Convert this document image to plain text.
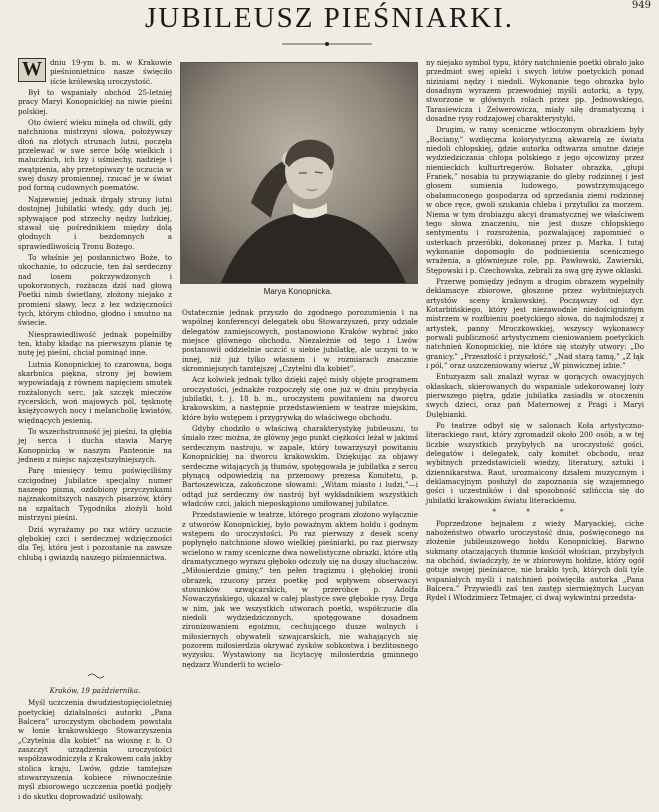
949
JUBILEUSZ PIEŚNIARKI.

W	dniu 19-ym b. m. w Krakowie pieśnionietnico nasze święciło iście królewską uroczystość.

Był to wspaniały obchód 25-letniej pracy Maryi Konopnickiej na niwie pieśni polskiej.

Oto ćwierć wieku minęła od chwili, gdy natchniona mistrzyni słowa, położywszy dłoń na złotych strunach lutni, poczęła przelewać w swe serce bólę wielkich i maluczkich, ich łzy i uśmiechy, nadzieje i zwątpienia, aby przetopiwszy te uczucia w swej duszy promiennej, rzucać je w świat pod formą cudownych poematów.

Najzewniej jednak drgały struny lutni dostojnej Jubilatki wtedy, gdy duch jej, spływające pod strzechy nędzy ludzkiej, stawał się pośrednikiem między dolą głodnych i bezdomnych a sprawiedliwością Tronu Bożego.

To właśnie jej posłannictwo Boże, to ukochanie, to odczucie, ten żal serdeczny nad losem pokrzywdzonych i upokorzonych, rozżacza dziś nad głową Poetki nimb świetlany, złożony niejako z promieni sławy, lecz z łez wdzięczności tych, którym chłodno, głodno i smutno na świecie.

Niesprawiedliwość jednak popełniłby ten, ktoby kładąc na pierwszym planie tę nutę jej pieśni, chciał pominąć inne.

Lutnia Konopnickiej to czarowna, boga skarbnica piękna, strony jej bowiem wypowiadają z równem napięciem smutek rozżalonych serc, jak szczęk mieczów rycerskich, woń majowych pól, tęsknotę księżycowych nocy i melancholię kwiatów, więdnących jesienią.

To wszechstronność jej pieśni, ta głębia jej serca i ducha stawia Maryę Konopnicką w naszym Panteonie na jednem z miejsc najczęstszyłniejszych.

Parę miesięcy temu poświęciliśmy czcigodnej Jubilatce specjalny numer naszego pisma, ozdobiony przyczynkami najznakomitszych naszych pisarzów, który na szpaltach Tygodnika złożyli hold mistrzyni pieśni.

Dziś wyrażamy po raz wtóry uczucie głębokiej czci i serdecznej wdzięczności dla Tej, która jest i pozostanie na zawsze chlubą i gwiazdą naszego piśmiennictwa.

Kraków, 19 października.

Myśl uczczenia dwudziestopięcioletniej poetyckiej działalności autorki „Pana Balcera” uroczystym obchodem powstała w łonie krakowskiego Stowarzyszenia „Czytelnia dla kobiet” na wiosnę r. b. O zaszczyt urządzenia uroczystości współzawodniczyła z Krakowem cała jakby stolica kraju, Lwów, gdzie tamtejsze stowarzyszenia kobiece równocześnie myśl zbiorowego uczczenia poetki podjęły i do skutku doprowadzić usiłowały.

Marya Konopnicka.

Ostatecznie jednak przyszło do zgodnego porozumienia i na wspólnej konferencyi delegatek obu Stowarzyszeń, przy udziale delegatów zamiejscowych, postanowiono Kraków wybrać jako miejsce głównego obchodu. Niezależnie od tego i Lwów postanowił oddzielnie uczcić u siebie jubilatkę, ale uczyni to w innej, niż już tylko własnem i w rozmiarach znacznie skromniejszych tamtejszej „Czytelni dla kobiet”.

Acz kolwiek jednak tylko dzięki zajęć misły objęte programem uroczystości, jednakże rozpoczęły się one już w dniu przybycia jubilatki, t. j. 18 b. m., uroczystem powitaniem na dworcu krakowskim, a następnie przedstawieniem w teatrze miejskim, które było wstępem i przygrywką do właściwego obchodu.

Gdyby chodziło o właściwą charakterystykę jubileuszu, to śmiało rzec można, że główny jego punkt ciężkości leżał w jakimś serdecznym nastroju, w zapale, który towarzyszył powitaniu Konopnickiej na dworcu krakowskim. Dziękując za objawy serdeczne witających ją tłumów, spotęgowała je jubilatka z sercu płynącą odpowiedzią na przemowy prezesa Komitetu, p. Bartoszewicza, zakończone słowami: „Witam miasto i ludzi,”—i odtąd już serdeczny ów nastrój był wykładnikiem wszystkich władców czci, jakich nieposkąpiono umiłowanej jubilatce.

Przedstawienie w teatrze, którego program złożono wyłącznie z utworów Konopnickiej, było powaźnym aktem hołdu i godnym wstępem do uroczystości. Po raz pierwszy z desek sceny popłynęło natchnione słowo wielkiej pieśniarki, po raz pierwszy wcielono w ramy sceniczne dwa nowelistyczne obrazki, które stłą dramatycznego wyrazu głęboko odczuły się na duszy słuchaczów. „Miłosierdzie gminy,” ten pełen tragizmu i głębokiej ironii obrazek, rzucony przez poetkę pod wpływem obserwacyi stosunków szwajcarskich, w przeróbce p. Adolfa Nowaczyńskiego, ukazał w całej plastyce swe głębokie rysy. Drga w nim, jak we wszystkich utworach poetki, współczucie dla niedoli wydziedziczonych, spotęgowane dosadnem zironizowaniem egoizmu, cechującego dusze wolnych i miłosiernych obywateli szwajcarskich, nie wahających się pozorem miłosierdzia okrywać zysków sobkostwa i bezlitosnego wyzysku. Wystawiony na licytacyę miłosierdzia gminnego nędzarz Wunderli to wcielo-

ny niejako symbol typu, który natchnienie poetki obrało jako przedmiot swej opieki i swych lotów poetyckich ponad niziniami nędzy i niedoli. Wykonanie tego obrazka było dosadnym wyrazem przewodniej myśli autorki, a typy, stworzone w głównych rolach przez pp. Jednowskiego, Tarasiewicza i Zelwerowicza, miały siłę dramatyczną i dosadne rysy rodzajowej charakterystyki.

Drugim, w ramy sceniczne wtłoczonym obrazkiem były „Bociany,” wzdięczna kolorystyczną akwarelą ze świata niedoli chłopskiej, gdzie autorka odtwarza smutne dzieje wydziedziczania chłopa polskiego z jego ojcowizny przez niemieckich kulturtregerów. Bohater obrazka, „głupi Franek,” nosabia tu przywiązanie do gleby rodzinnej i jest głosem sumienia ludowego, powstrzymującego obałamuconego gospodarza od sprzedania ziemi rodzinnej w obce ręce, gwoli szukania chleba i przytułku za morzem. Niema w tym drobiazgu akcyi dramatycznej we właściwem tego słowa znaczeniu, nie jest dusze chłopskiego sentymentu i rozsrożenia, pozwalającej zapomnieć o usterkach przeróbki, dokonanej przez p. Marka. I tutaj wykonanie dopomogło do podniesienia scenicznego wrażenia, a główniejsze role, pp. Pawłowski, Zawierski, Stępowski i p. Czechowska, zebrali za swą grę żywe oklaski.

Przerwę pomiędzy jednym a drugim obrazem wypełniły deklamacye zbiorowe, głoszone przez wybitniejszych artystów sceny krakowskiej. Począwszy od dyr. Kotarbińskiego, który jest niezawodnie niedościgniońym mistrzem w rozłbieniu poetyckiego słowa, do najmłodszej z artystek, panny Mroczkowskiej, wszyscy wykonawcy porwali publiczność artystycznem cieniowaniem poetyckich natchnień Konopnickiej, nie które się stożyły utwory: „Do granicy,” „Przeszłość i przyszłość,” „Nad starą tamą,” „Z łąk i pól,” oraz uszczeniowany wiersz „W pinwicznej izbie.”

Entuzyazm sali znalazł wyraz w gorących owacyjnych oklaskach, skierowanych do wspaniale udekorowanej loży pierwszego piętra, gdzie jubilatka zasiadła w otoczeniu swych dzieci, oraz pań Maternowej z Pragi i Maryi Dulębianki.

Po teatrze odbył się w salonach Koła artystyczno-literackiego raut, który zgromadził około 200 osób, a w tej liczbie wszystkich przybyłych na uroczystość gości, delegatów i delegatek, cały komitet obchodu, oraz wybitnych przedstawicieli wiedzy, literatury, sztuki i dziennikarstwa. Raut, urozmaicony działem muzycznym i deklamacyjnym posłużył do zapoznania się wzajemnego gości i uczestników i dał sposobność szlińccia się do jubilatki krakowskim światu literackiemu.

* * *

Poprzedzone hejnałem z wieży Maryackiej, ciche nabożeństwo otwarło uroczystość dnia, poświęconego na złożenie jubileuszowego hołdu Konopnickiej. Barwno sukmany otaczających tłumnie kościół włościan, przybyłych na obchód, świadczyły, że w zbiorowym hołdzie, który ogół gotuje swojej pieśniarce, nie brakło tych, których doli tyle wspaniałych myśli i natchnień poświęciła autorka „Pana Balcera.” Przywiedli zaś ten zastęp siermiężnych Lucyan Rydel i Włodzimierz Tetmajer, ci dwaj wykwintni przedsta-
